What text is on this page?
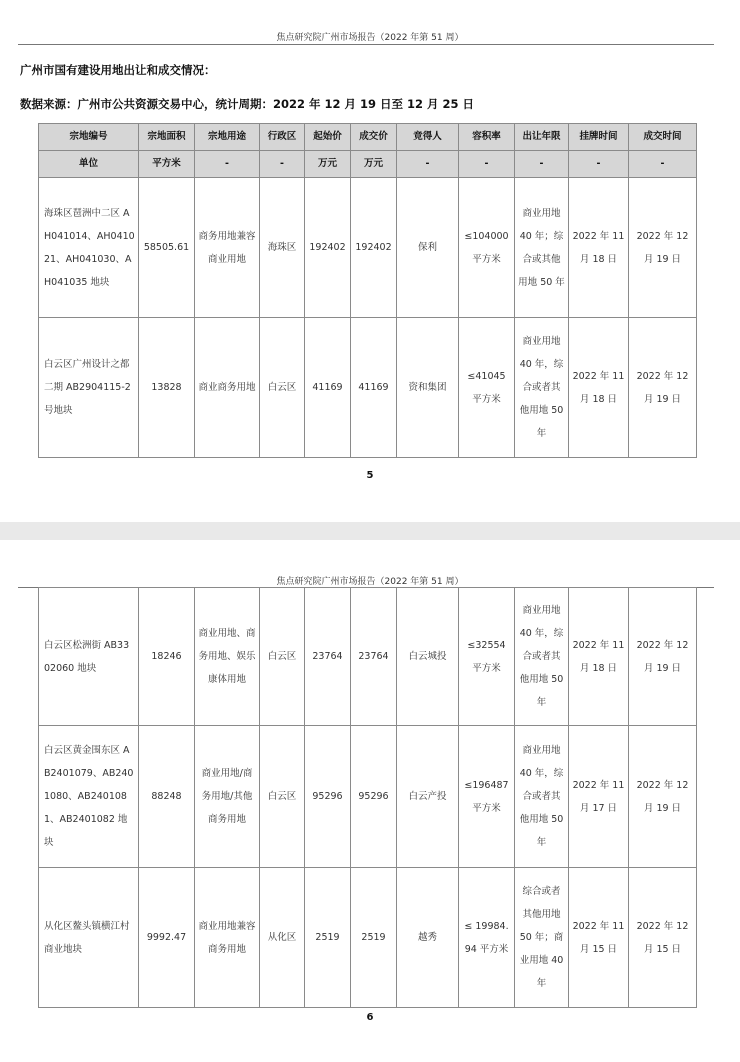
焦点研究院广州市场报告（2022 年第 51 周）
广州市国有建设用地出让和成交情况：
数据来源：广州市公共资源交易中心，统计周期：2022 年 12 月 19 日至 12 月 25 日
宗地编号	宗地面积	宗地用途	行政区	起始价	成交价	竞得人	容积率	出让年限	挂牌时间	成交时间
单位	平方米	-	-	万元	万元	-	-	-	-	-
海珠区琶洲中二区 AH041014、AH041021、AH041030、AH041035 地块	58505.61	商务用地兼容商业用地	海珠区	192402	192402	保利	≤104000 平方米	商业用地 40 年；综合或其他用地 50 年	2022 年 11 月 18 日	2022 年 12 月 19 日
白云区广州设计之都二期 AB2904115-2 号地块	13828	商业商务用地	白云区	41169	41169	资和集团	≤41045 平方米	商业用地 40 年，综合或者其他用地 50 年	2022 年 11 月 18 日	2022 年 12 月 19 日
5
焦点研究院广州市场报告（2022 年第 51 周）
白云区松洲街 AB3302060 地块	18246	商业用地、商务用地、娱乐康体用地	白云区	23764	23764	白云城投	≤32554 平方米	商业用地 40 年，综合或者其他用地 50 年	2022 年 11 月 18 日	2022 年 12 月 19 日
白云区黄金围东区 AB2401079、AB2401080、AB2401081、AB2401082 地块	88248	商业用地/商务用地/其他商务用地	白云区	95296	95296	白云产投	≤196487 平方米	商业用地 40 年，综合或者其他用地 50 年	2022 年 11 月 17 日	2022 年 12 月 19 日
从化区鳌头镇横江村商业地块	9992.47	商业用地兼容商务用地	从化区	2519	2519	越秀	≤ 19984.94 平方米	综合或者其他用地 50 年；商业用地 40 年	2022 年 11 月 15 日	2022 年 12 月 15 日
6
